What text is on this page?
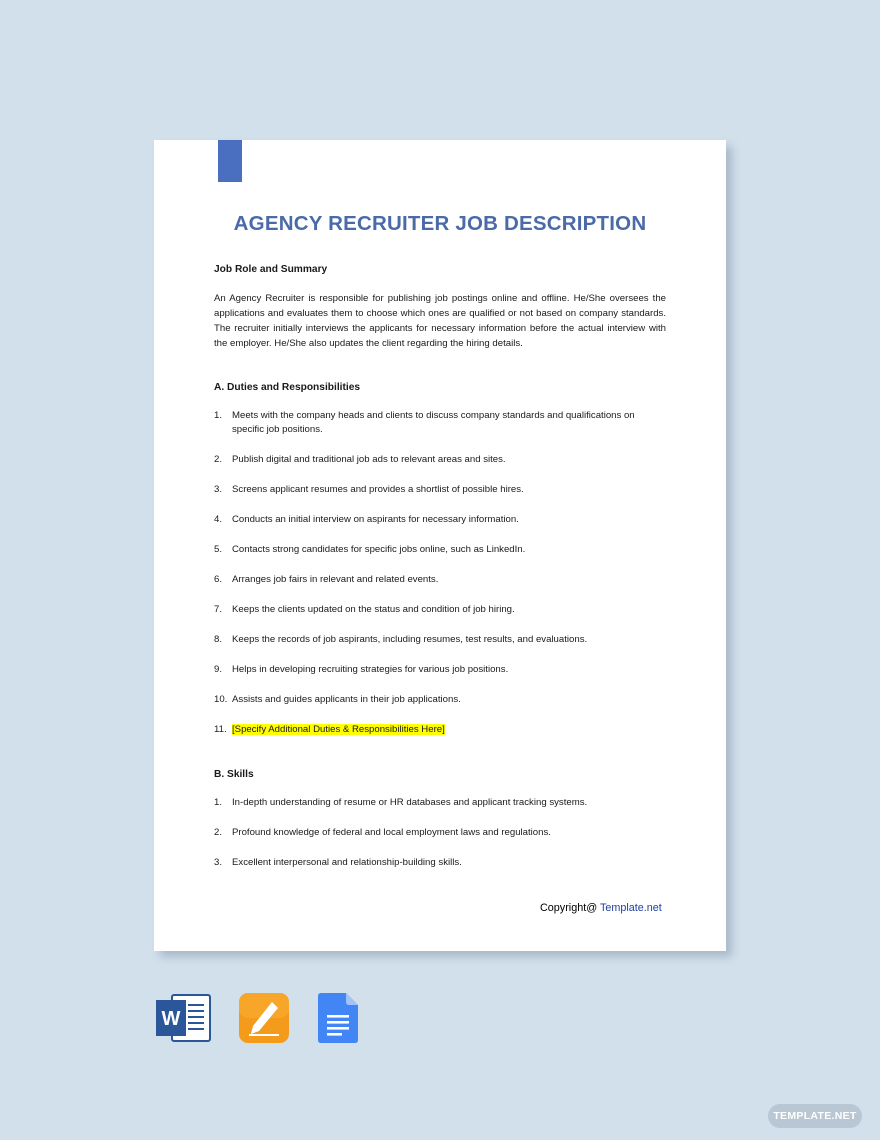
AGENCY RECRUITER JOB DESCRIPTION
Job Role and Summary
An Agency Recruiter is responsible for publishing job postings online and offline. He/She oversees the applications and evaluates them to choose which ones are qualified or not based on company standards. The recruiter initially interviews the applicants for necessary information before the actual interview with the employer. He/She also updates the client regarding the hiring details.
A. Duties and Responsibilities
1.	Meets with the company heads and clients to discuss company standards and qualifications on specific job positions.
2.	Publish digital and traditional job ads to relevant areas and sites.
3.	Screens applicant resumes and provides a shortlist of possible hires.
4.	Conducts an initial interview on aspirants for necessary information.
5.	Contacts strong candidates for specific jobs online, such as LinkedIn.
6.	Arranges job fairs in relevant and related events.
7.	Keeps the clients updated on the status and condition of job hiring.
8.	Keeps the records of job aspirants, including resumes, test results, and evaluations.
9.	Helps in developing recruiting strategies for various job positions.
10. Assists and guides applicants in their job applications.
11. [Specify Additional Duties & Responsibilities Here]
B. Skills
1.	In-depth understanding of resume or HR databases and applicant tracking systems.
2.	Profound knowledge of federal and local employment laws and regulations.
3.	Excellent interpersonal and relationship-building skills.
Copyright@ Template.net
W
TEMPLATE.NET
